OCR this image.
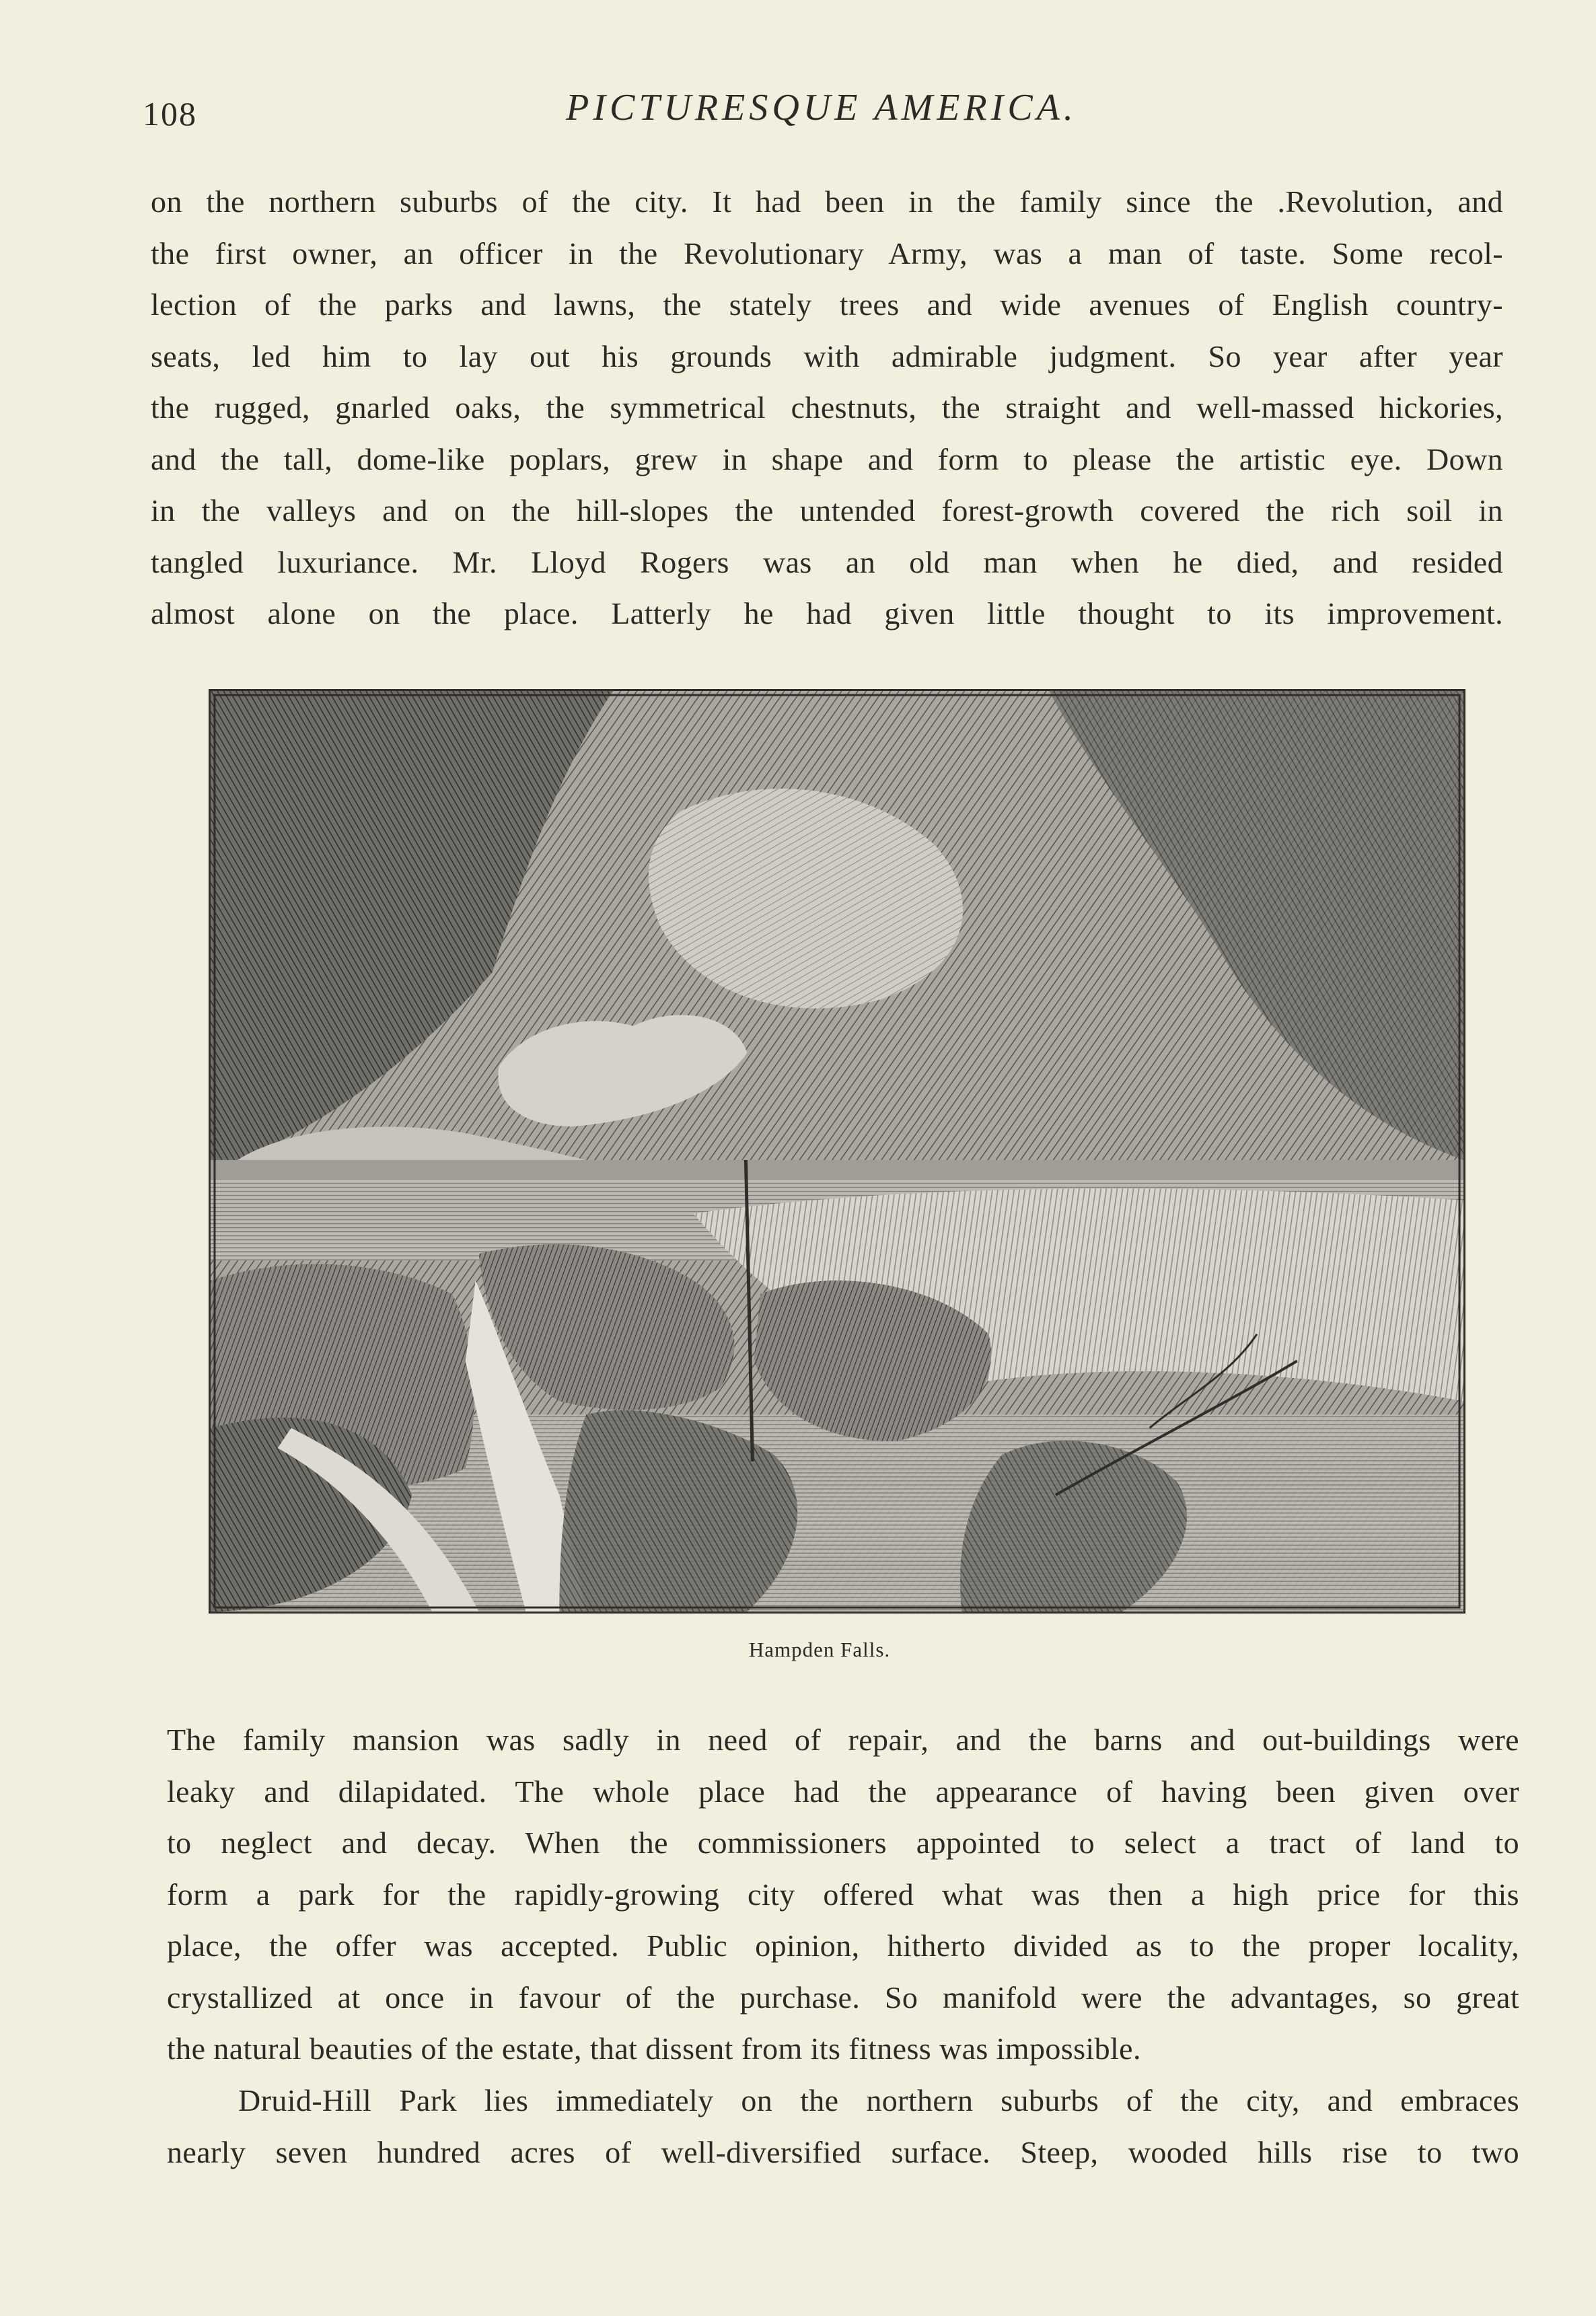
108	PICTURESQUE AMERICA.

on the northern suburbs of the city. It had been in the family since the .Revolution, and
the first owner, an officer in the Revolutionary Army, was a man of taste. Some recol-
lection of the parks and lawns, the stately trees and wide avenues of English country-
seats, led him to lay out his grounds with admirable judgment. So year after year
the rugged, gnarled oaks, the symmetrical chestnuts, the straight and well-massed hickories,
and the tall, dome-like poplars, grew in shape and form to please the artistic eye. Down
in the valleys and on the hill-slopes the untended forest-growth covered the rich soil in
tangled luxuriance. Mr. Lloyd Rogers was an old man when he died, and resided
almost alone on the place. Latterly he had given little thought to its improvement.

Hampden Falls.

The family mansion was sadly in need of repair, and the barns and out-buildings were
leaky and dilapidated. The whole place had the appearance of having been given over
to neglect and decay. When the commissioners appointed to select a tract of land to
form a park for the rapidly-growing city offered what was then a high price for this
place, the offer was accepted. Public opinion, hitherto divided as to the proper locality,
crystallized at once in favour of the purchase. So manifold were the advantages, so great
the natural beauties of the estate, that dissent from its fitness was impossible.

Druid-Hill Park lies immediately on the northern suburbs of the city, and embraces
nearly seven hundred acres of well-diversified surface. Steep, wooded hills rise to two
